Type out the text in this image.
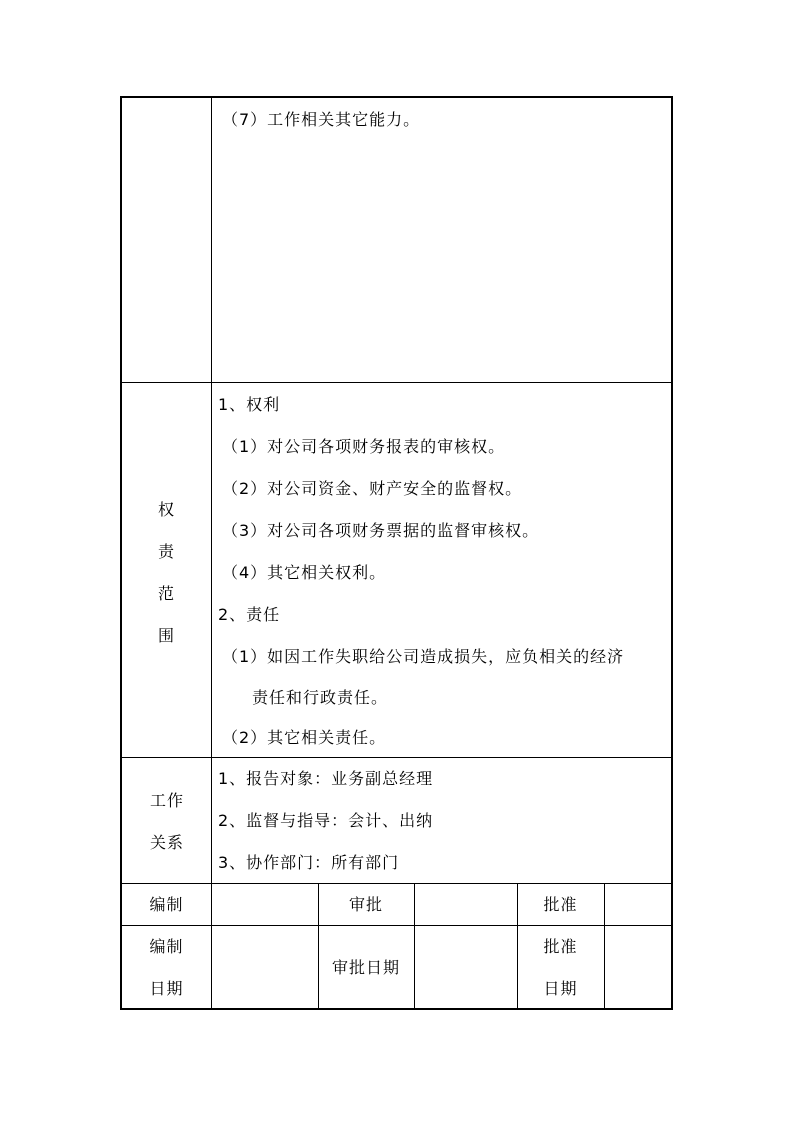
（7）工作相关其它能力。
权
责
范
围
1、权利
（1）对公司各项财务报表的审核权。
（2）对公司资金、财产安全的监督权。
（3）对公司各项财务票据的监督审核权。
（4）其它相关权利。
2、责任
（1）如因工作失职给公司造成损失，应负相关的经济
责任和行政责任。
（2）其它相关责任。
工作
关系
1、报告对象：业务副总经理
2、监督与指导：会计、出纳
3、协作部门：所有部门
编制	审批	批准
编制
日期
审批日期
批准
日期
